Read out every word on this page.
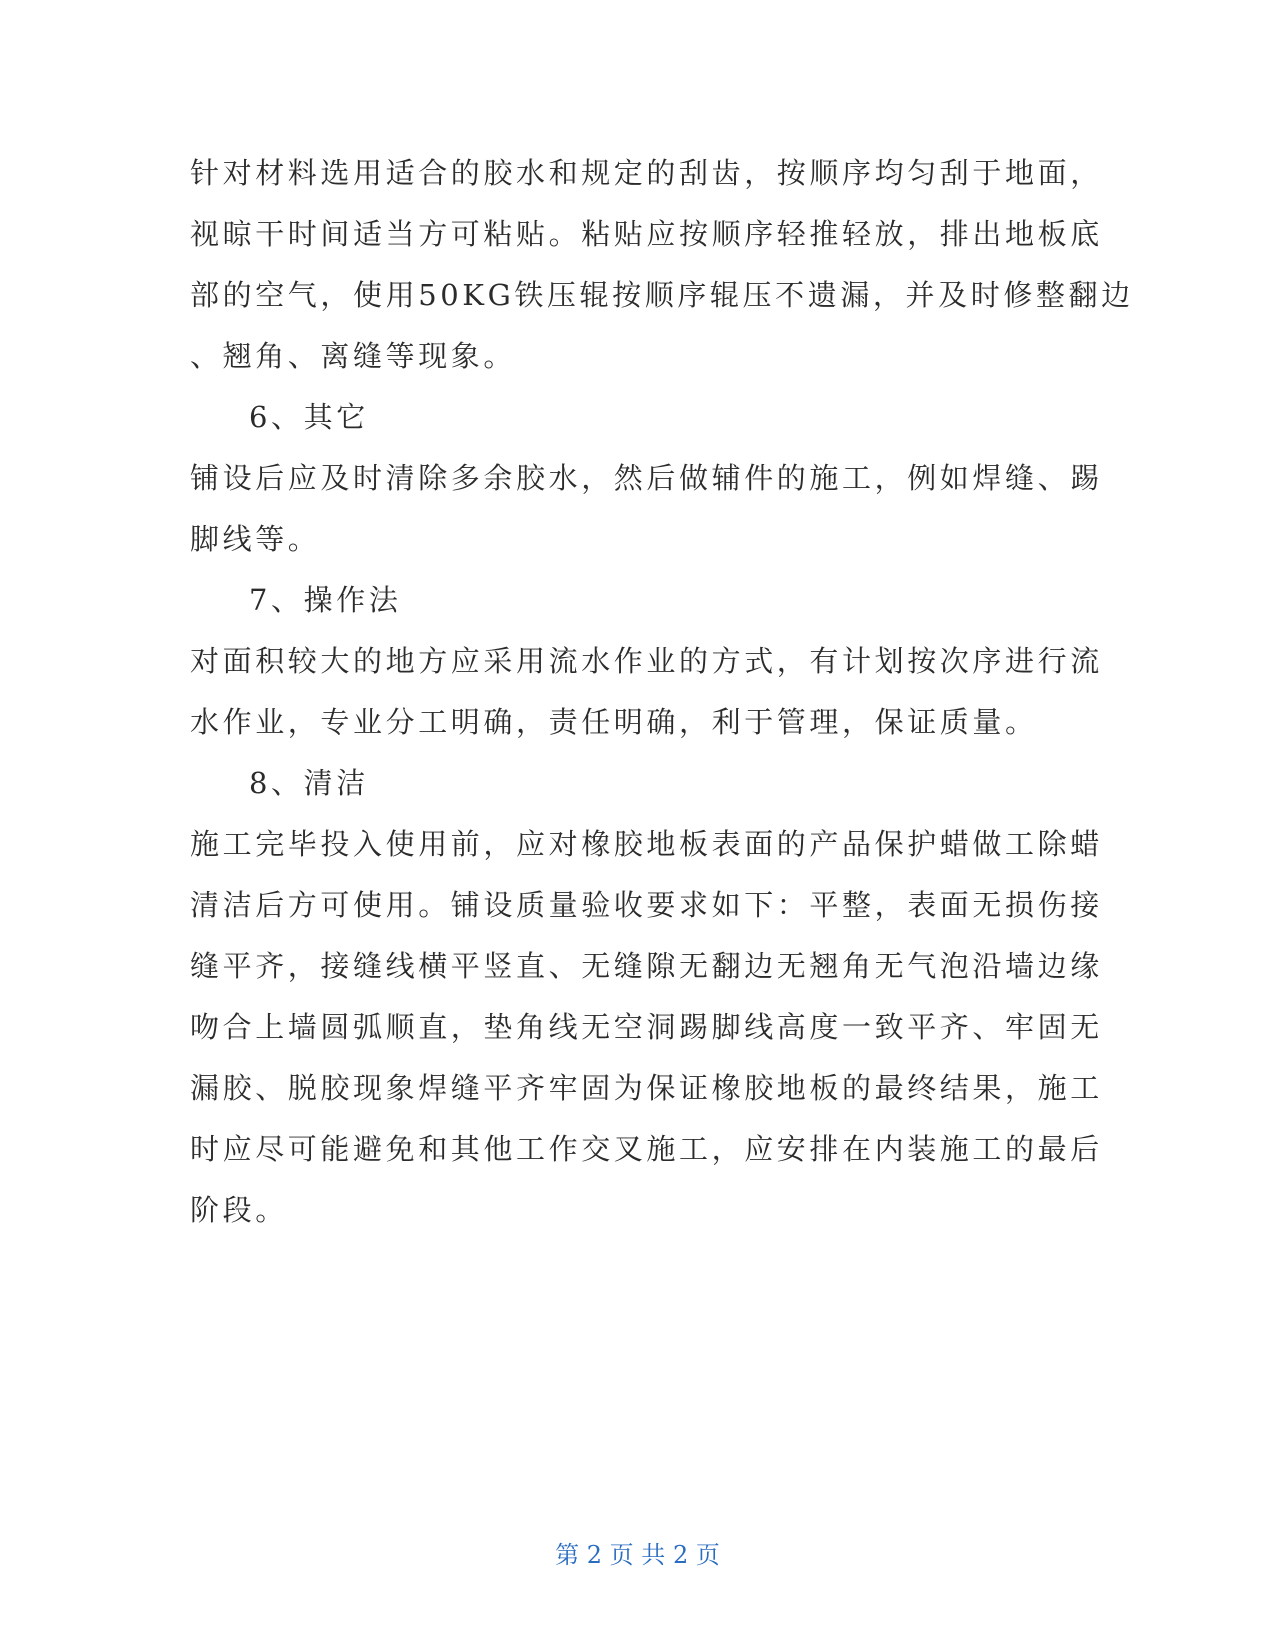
针对材料选用适合的胶水和规定的刮齿，按顺序均匀刮于地面，
视晾干时间适当方可粘贴。粘贴应按顺序轻推轻放，排出地板底
部的空气，使用50KG铁压辊按顺序辊压不遗漏，并及时修整翻边
、翘角、离缝等现象。
6、其它
铺设后应及时清除多余胶水，然后做辅件的施工，例如焊缝、踢
脚线等。
7、操作法
对面积较大的地方应采用流水作业的方式，有计划按次序进行流
水作业，专业分工明确，责任明确，利于管理，保证质量。
8、清洁
施工完毕投入使用前，应对橡胶地板表面的产品保护蜡做工除蜡
清洁后方可使用。铺设质量验收要求如下：平整，表面无损伤接
缝平齐，接缝线横平竖直、无缝隙无翻边无翘角无气泡沿墙边缘
吻合上墙圆弧顺直，垫角线无空洞踢脚线高度一致平齐、牢固无
漏胶、脱胶现象焊缝平齐牢固为保证橡胶地板的最终结果，施工
时应尽可能避免和其他工作交叉施工，应安排在内装施工的最后
阶段。
第 2 页 共 2 页
